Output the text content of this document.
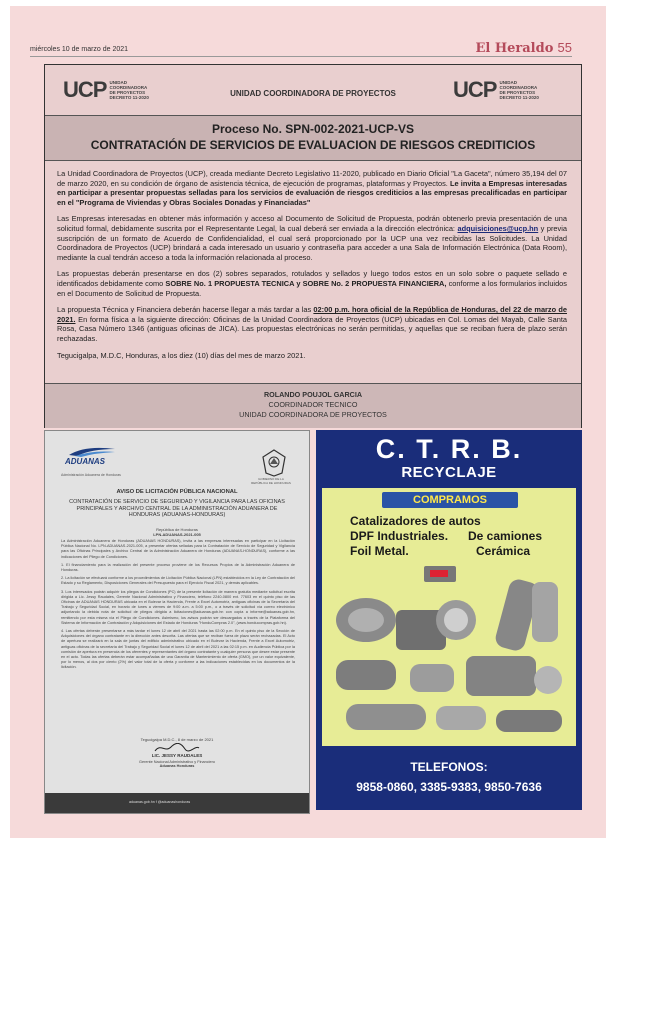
miércoles 10 de marzo de 2021	El Heraldo 55
UCP UNIDAD
COORDINADORA
DE PROYECTOS
DECRETO 11-2020	UNIDAD COORDINADORA DE PROYECTOS	UCP UNIDAD
COORDINADORA
DE PROYECTOS
DECRETO 11-2020
Proceso No. SPN-002-2021-UCP-VS
CONTRATACIÓN DE SERVICIOS DE EVALUACION DE RIESGOS CREDITICIOS

La Unidad Coordinadora de Proyectos (UCP), creada mediante Decreto Legislativo 11-2020, publicado en Diario Oficial "La Gaceta", número 35,194 del 07 de marzo 2020, en su condición de órgano de asistencia técnica, de ejecución de programas, plataformas y Proyectos. Le invita a Empresas interesadas en participar a presentar propuestas selladas para los servicios de evaluación de riesgos crediticios a las empresas precalificadas en participar en el "Programa de Viviendas y Obras Sociales Donadas y Financiadas"

Las Empresas interesadas en obtener más información y acceso al Documento de Solicitud de Propuesta, podrán obtenerlo previa presentación de una solicitud formal, debidamente suscrita por el Representante Legal, la cual deberá ser enviada a la dirección electrónica: adquisiciones@ucp.hn y previa suscripción de un formato de Acuerdo de Confidencialidad, el cual será proporcionado por la UCP una vez recibidas las Solicitudes. La Unidad Coordinadora de Proyectos (UCP) brindará a cada interesado un usuario y contraseña para acceder a una Sala de Información Electrónica (Data Room), mediante la cual tendrán acceso a toda la información relacionada al proceso.

Las propuestas deberán presentarse en dos (2) sobres separados, rotulados y sellados y luego todos estos en un solo sobre o paquete sellado e identificados debidamente como SOBRE No. 1 PROPUESTA TECNICA y SOBRE No. 2 PROPUESTA FINANCIERA, conforme a los formularios incluidos en el Documento de Solicitud de Propuesta.

La propuesta Técnica y Financiera deberán hacerse llegar a más tardar a las 02:00 p.m. hora oficial de la República de Honduras, del 22 de marzo de 2021. En forma física a la siguiente dirección: Oficinas de la Unidad Coordinadora de Proyectos (UCP) ubicadas en Col. Lomas del Mayab, Calle Santa Rosa, Casa Número 1346 (antiguas oficinas de JICA). Las propuestas electrónicas no serán permitidas, y aquellas que se reciban fuera de plazo serán rechazadas.

Tegucigalpa, M.D.C, Honduras, a los diez (10) días del mes de marzo 2021.

ROLANDO POUJOL GARCIA
COORDINADOR TECNICO
UNIDAD COORDINADORA DE PROYECTOS
ADUANAS
Administración Aduanera de Honduras
GOBIERNO DE LA REPÚBLICA DE HONDURAS
AVISO DE LICITACIÓN PÚBLICA NACIONAL
CONTRATACIÓN DE SERVICIO DE SEGURIDAD Y VIGILANCIA PARA LAS OFICINAS PRINCIPALES Y ARCHIVO CENTRAL DE LA ADMINISTRACIÓN ADUANERA DE HONDURAS (ADUANAS-HONDURAS)
República de Honduras
LPN-ADUANAS-2021-005

La Administración Aduanera de Honduras (ADUANAS HONDURAS), invita a las empresas interesadas en participar en la Licitación Pública Nacional No. LPN-ADUANAS-2021-005, a presentar ofertas selladas para la Contratación de Servicio de Seguridad y Vigilancia para las Oficinas Principales y Archivo Central de la Administración Aduanera de Honduras (ADUANAS-HONDURAS), conforme a las indicaciones del Pliego de Condiciones.

1. El financiamiento para la realización del presente proceso proviene de los Recursos Propios de la Administración Aduanera de Honduras.

2. La licitación se efectuará conforme a los procedimientos de Licitación Pública Nacional (LPN) establecidos en la Ley de Contratación del Estado y su Reglamento, Disposiciones Generales del Presupuesto para el Ejercicio Fiscal 2021, y demás aplicables.

3. Los interesados podrán adquirir los pliegos de Condiciones (PC) de la presente licitación de manera gratuita mediante solicitud escrita dirigida a Lic. Jessy Raudales, Gerente Nacional Administrativo y Financiero, teléfono 2240-0800 ext. 77603 en el quinto piso de las Oficinas de ADUANAS HONDURAS ubicada en el Bulevar la Hacienda, Frente a Excel Automotriz, antiguas oficinas de la Secretaría del Trabajo y Seguridad Social, en horario de lunes a viernes de 9:00 a.m. a 5:00 p.m., o a través de solicitud vía correo electrónico adjuntando la debida nota de solicitud de pliegos dirigida a licitaciones@aduanas.gob.hn con copia a informe@aduanas.gob.hn, remitiendo por esta misma vía el Pliego de Condiciones. Asimismo, los avisos podrán ser descargados a través de la Plataforma del Sistema de Información de Contratación y Adquisiciones del Estado de Honduras "HonduCompras 2.0", (www.honducompras.gob.hn).

4. Las ofertas deberán presentarse a más tardar el lunes 12 de abril del 2021 hasta las 02:00 p.m. En el quinto piso de la Sección de Adquisiciones del órgano contratante en la dirección antes descrita. Las ofertas que se reciban fuera de plazo serán rechazadas. El Acto de apertura se realizará en la sala de juntas del edificio administrativo ubicado en el Bulevar la Hacienda, Frente a Excel Automotriz, antiguas oficinas de la secretaría del Trabajo y Seguridad Social el lunes 12 de abril del 2021 a las 02:15 p.m. en Audiencia Pública por la comisión de apertura en presencia de los oferentes y representantes del órgano contratante y cualquier persona que desee estar presente en el acto. Todas las ofertas deberán estar acompañadas de una Garantía de Mantenimiento de oferta (GMO), por un valor equivalente, por lo menos, al dos por ciento (2%) del valor total de la oferta y conforme a las indicaciones establecidas en los documentos de la licitación.

Tegucigalpa M.D.C., 8 de marzo de 2021
LIC. JESSY RAUDALES
Gerente Nacional Administrativo y Financiero
Aduanas Honduras
aduanas.gob.hn f @aduanashonduras
C. T. R. B.
RECYCLAJE
COMPRAMOS
Catalizadores de autos
DPF Industriales. De camiones
Foil Metal.	Cerámica
TELEFONOS:
9858-0860, 3385-9383, 9850-7636
